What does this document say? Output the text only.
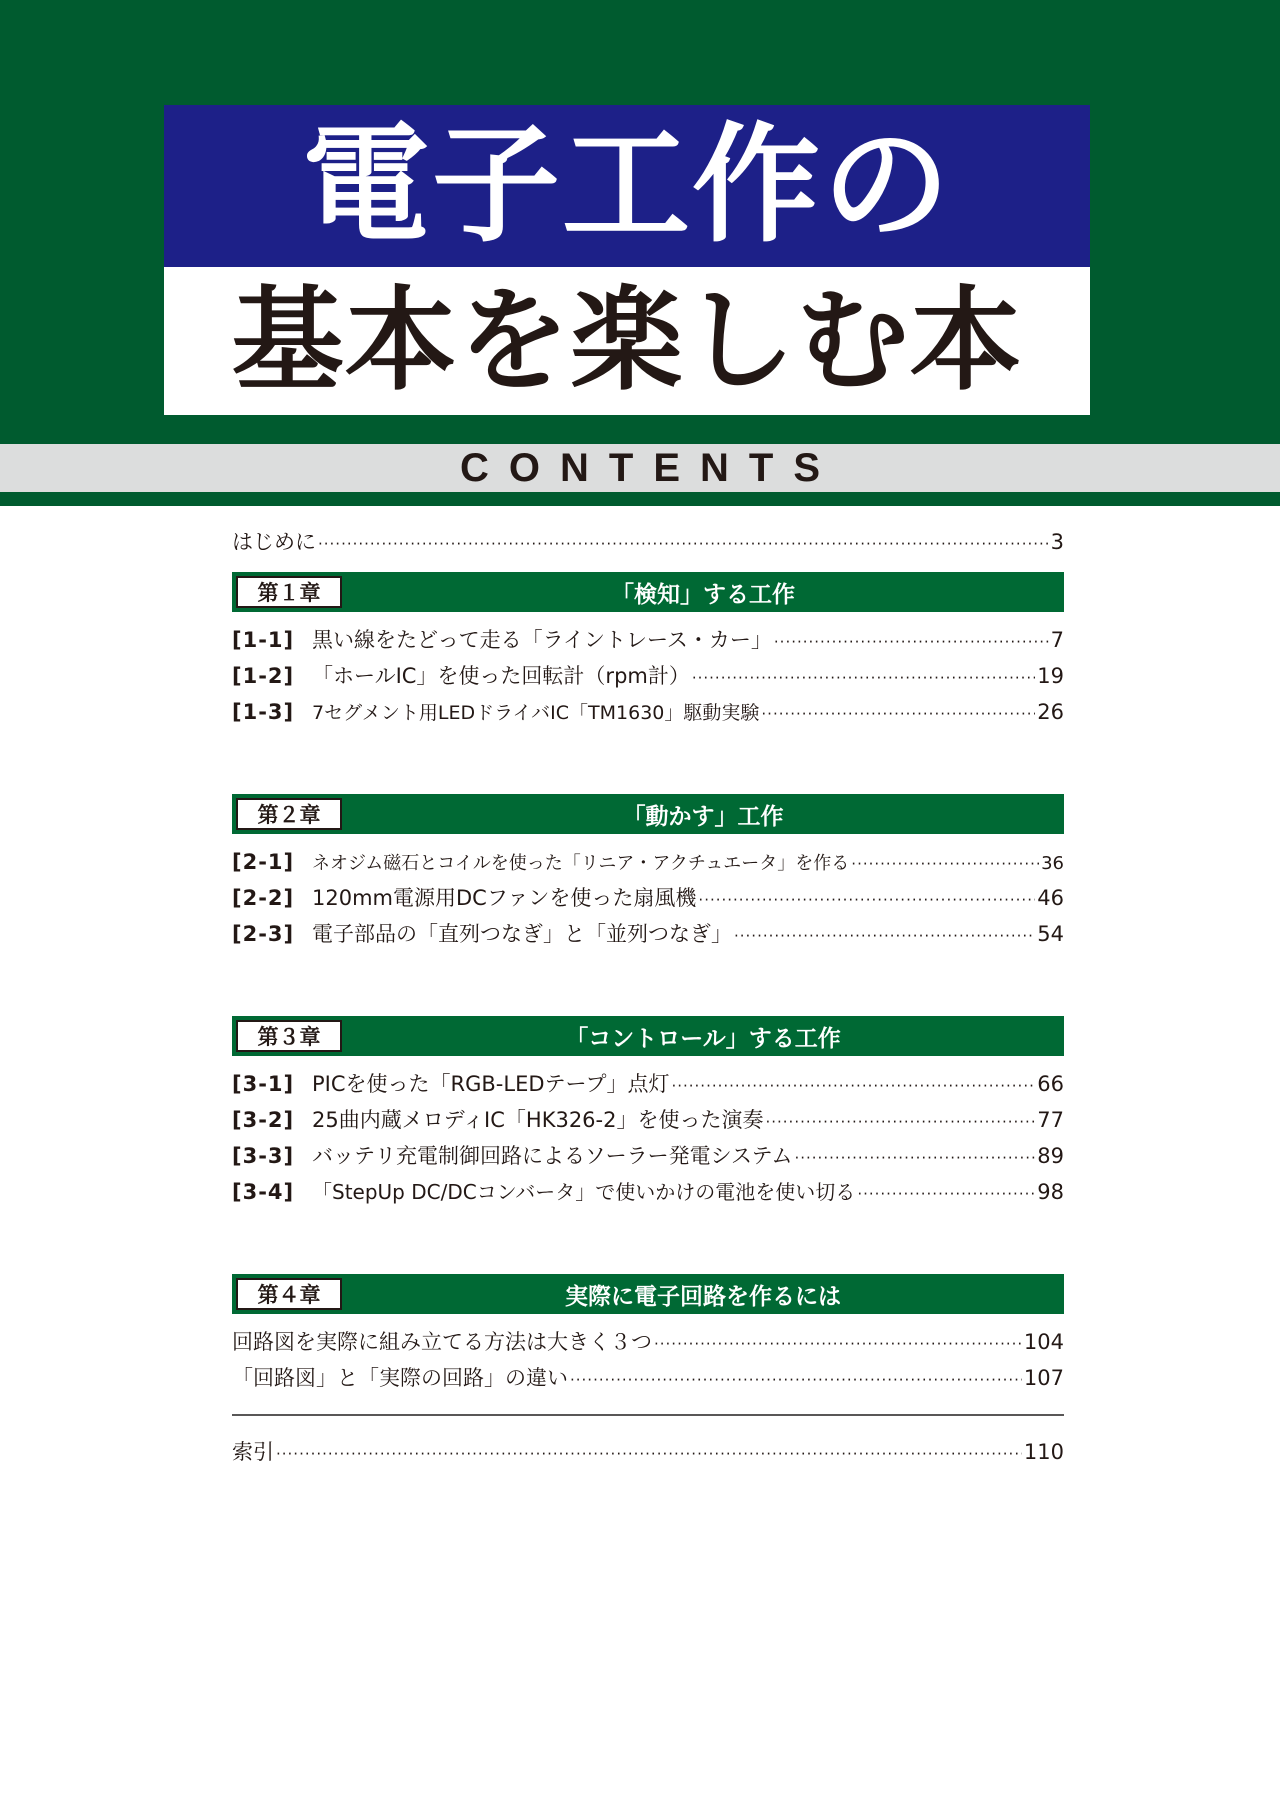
電子工作の
基本を楽しむ本
CONTENTS
はじめに ·····	3
第１章	「検知」する工作
[1-1] 黒い線をたどって走る「ライントレース・カー」 ·····	7
[1-2] 「ホールIC」を使った回転計（rpm計） ·····	19
[1-3] 7セグメント用LEDドライバIC「TM1630」駆動実験 ·····	26
第２章	「動かす」工作
[2-1] ネオジム磁石とコイルを使った「リニア・アクチュエータ」を作る ·····	36
[2-2] 120mm電源用DCファンを使った扇風機 ·····	46
[2-3] 電子部品の「直列つなぎ」と「並列つなぎ」 ·····	54
第３章	「コントロール」する工作
[3-1] PICを使った「RGB-LEDテープ」点灯 ·····	66
[3-2] 25曲内蔵メロディIC「HK326-2」を使った演奏 ·····	77
[3-3] バッテリ充電制御回路によるソーラー発電システム ·····	89
[3-4] 「StepUp DC/DCコンバータ」で使いかけの電池を使い切る ·····	98
第４章	実際に電子回路を作るには
回路図を実際に組み立てる方法は大きく３つ ·····	104
「回路図」と「実際の回路」の違い ·····	107
索引 ·····	110
